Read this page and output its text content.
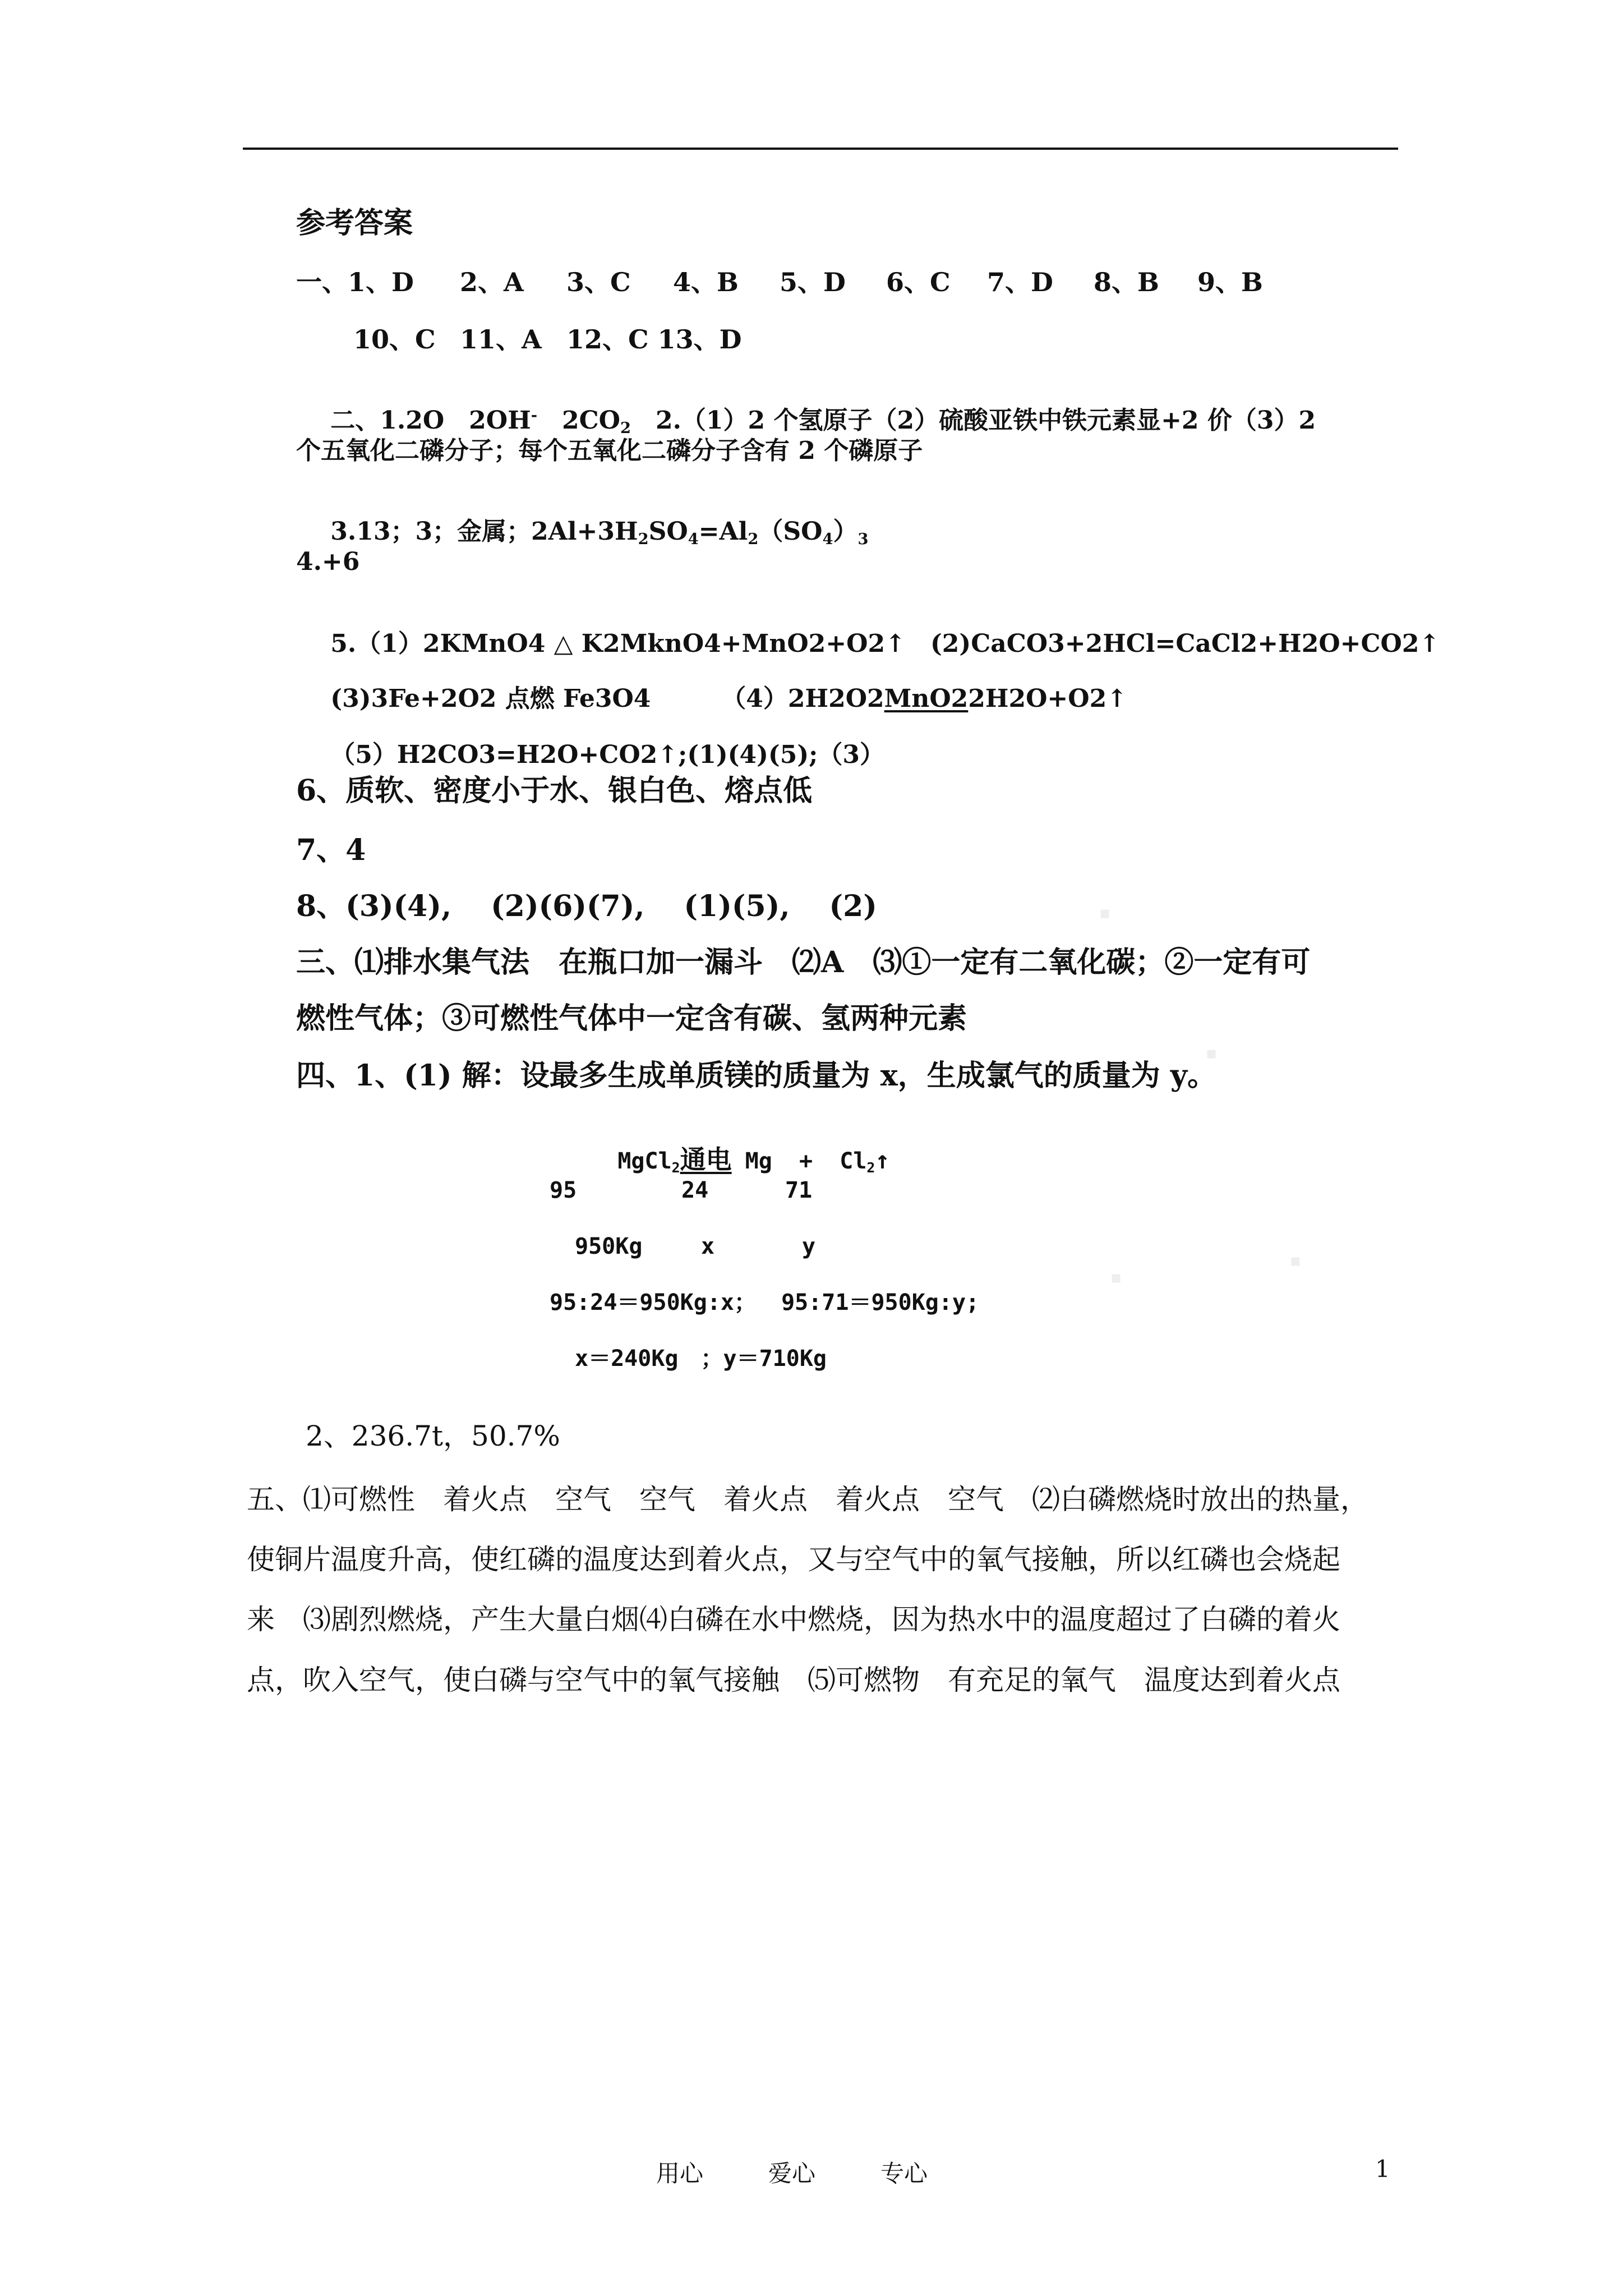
▪
▪
▪
▪
参考答案
一、1、D 2、A 3、C 4、B 5、D 6、C 7、D 8、B 9、B
10、C 11、A 12、C 13、D

二、1.2O　 2OH-　 2CO2　 2.（1）2 个氢原子（2）硫酸亚铁中铁元素显+2 价（3）2

个五氧化二磷分子；每个五氧化二磷分子含有 2 个磷原子

3.13；3；金属；2Al+3H2SO4=Al2（SO4）3

4.+6

5.（1）2KMnO4 △ K2MknO4+MnO2+O2↑　 (2)CaCO3+2HCl=CaCl2+H2O+CO2↑

(3)3Fe+2O2 点燃 Fe3O4
	（4）2H2O2MnO22H2O+O2↑

（5）H2CO3=H2O+CO2↑;(1)(4)(5);（3）

6、质软、密度小于水、银白色、熔点低
7、4
8、(3)(4),　 (2)(6)(7),　 (1)(5),　 (2)
三、⑴排水集气法　在瓶口加一漏斗　⑵A　⑶①一定有二氧化碳；②一定有可
燃性气体；③可燃性气体中一定含有碳、氢两种元素
四、1、(1) 解：设最多生成单质镁的质量为 x，生成氯气的质量为 y。

MgCl2通电 Mg  +  Cl2↑

95	24	71
950Kg	x	y
95:24＝950Kg:x；　 95:71＝950Kg:y;
x＝240Kg　；y＝710Kg
2、236.7t，50.7%
五、⑴可燃性　着火点　空气　空气　着火点　着火点　空气　⑵白磷燃烧时放出的热量，
使铜片温度升高，使红磷的温度达到着火点，又与空气中的氧气接触，所以红磷也会烧起
来　⑶剧烈燃烧，产生大量白烟⑷白磷在水中燃烧，因为热水中的温度超过了白磷的着火
点，吹入空气，使白磷与空气中的氧气接触　⑸可燃物　有充足的氧气　温度达到着火点
用心	爱心	专心	1
